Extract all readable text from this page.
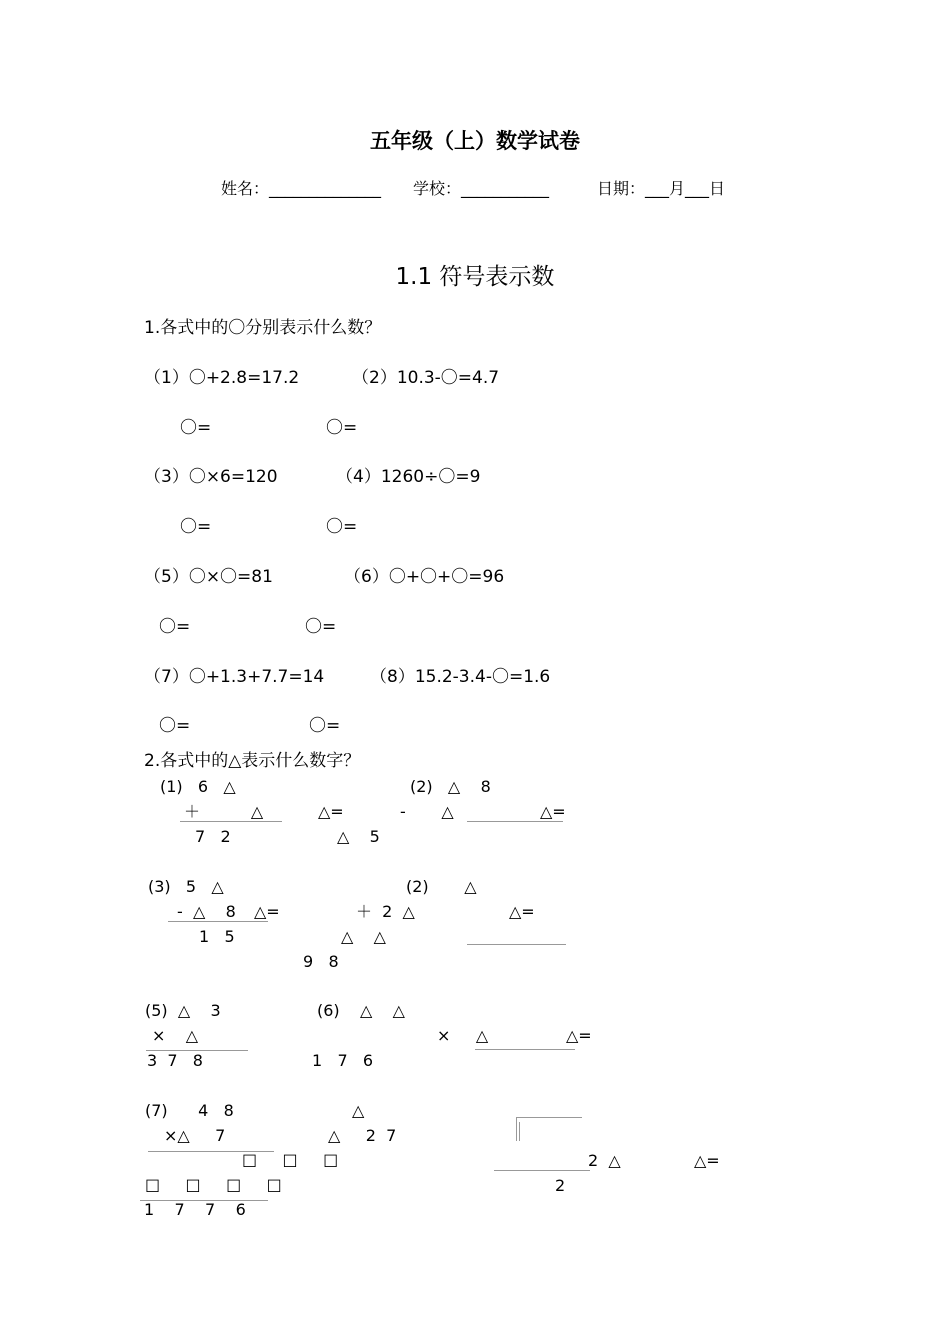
五年级（上）数学试卷
姓名：______________ 学校：___________	日期：___月___日
1.1 符号表示数
1.各式中的〇分别表示什么数？
（1）〇+2.8=17.2	（2）10.3-〇=4.7
〇=	〇=
（3）〇×6=120	（4）1260÷〇=9
〇=	〇=
（5）〇×〇=81	（6）〇+〇+〇=96
〇=	〇=
（7）〇+1.3+7.7=14	（8）15.2-3.4-〇=1.6
〇=	〇=
2.各式中的△表示什么数字？
(1)   6   △
＋          △	△=
7   2
(2)   △    8
-       △	△=
△    5
(3)   5   △
-  △    8 △=
1   5
(2)       △
＋  2  △	△=
△    △
9   8
(5)  △    3
×    △
3  7   8
(6)    △    △
×     △	△=
1   7   6
(7)      4   8
×△     7
□     □     □
□     □     □     □
1    7    7    6
△
△     2  7
2  △	△=
2
